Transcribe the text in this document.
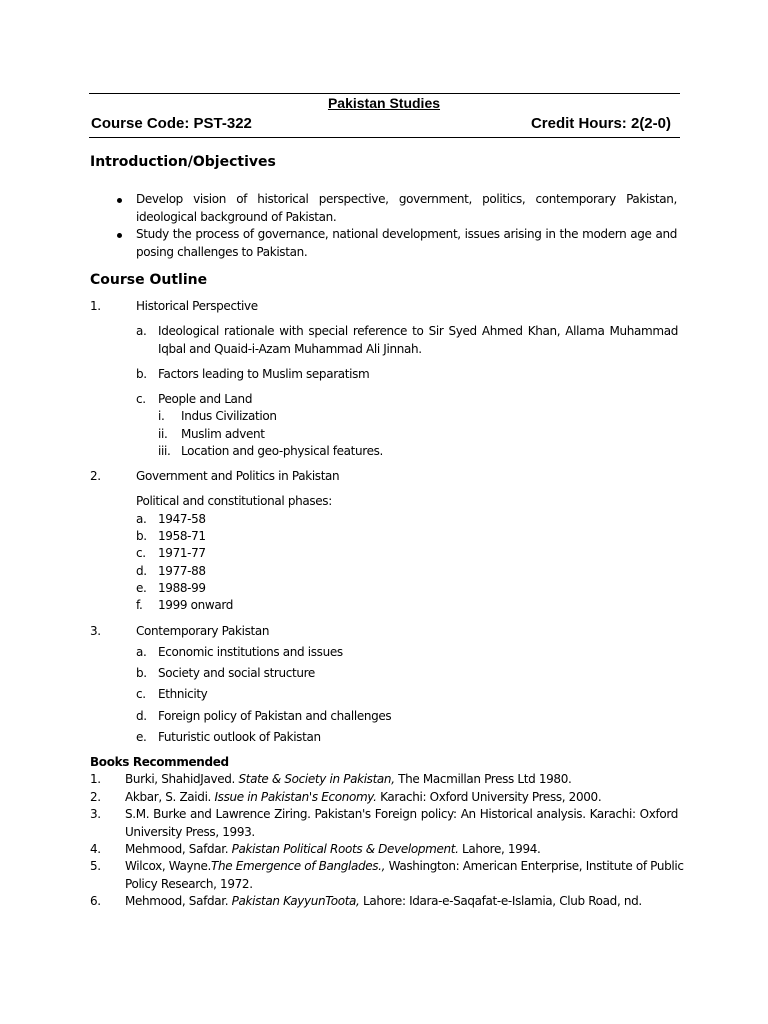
Pakistan Studies
Course Code: PST-322	Credit Hours: 2(2-0)
Introduction/Objectives
Develop vision of historical perspective, government, politics, contemporary Pakistan,
ideological background of Pakistan.
Study the process of governance, national development, issues arising in the modern age and
posing challenges to Pakistan.
Course Outline
1.	Historical Perspective
a. Ideological rationale with special reference to Sir Syed Ahmed Khan, Allama Muhammad
Iqbal and Quaid-i-Azam Muhammad Ali Jinnah.
b. Factors leading to Muslim separatism
c. People and Land
i. Indus Civilization
ii. Muslim advent
iii. Location and geo-physical features.
2.	Government and Politics in Pakistan
Political and constitutional phases:
a. 1947-58
b. 1958-71
c. 1971-77
d. 1977-88
e. 1988-99
f. 1999 onward
3.	Contemporary Pakistan
a. Economic institutions and issues
b. Society and social structure
c. Ethnicity
d. Foreign policy of Pakistan and challenges
e. Futuristic outlook of Pakistan
Books Recommended
1. Burki, ShahidJaved. State & Society in Pakistan, The Macmillan Press Ltd 1980.
2. Akbar, S. Zaidi. Issue in Pakistan's Economy. Karachi: Oxford University Press, 2000.
3. S.M. Burke and Lawrence Ziring. Pakistan's Foreign policy: An Historical analysis. Karachi: Oxford
University Press, 1993.
4. Mehmood, Safdar. Pakistan Political Roots & Development. Lahore, 1994.
5. Wilcox, Wayne.The Emergence of Banglades., Washington: American Enterprise, Institute of Public
Policy Research, 1972.
6. Mehmood, Safdar. Pakistan KayyunToota, Lahore: Idara-e-Saqafat-e-Islamia, Club Road, nd.
